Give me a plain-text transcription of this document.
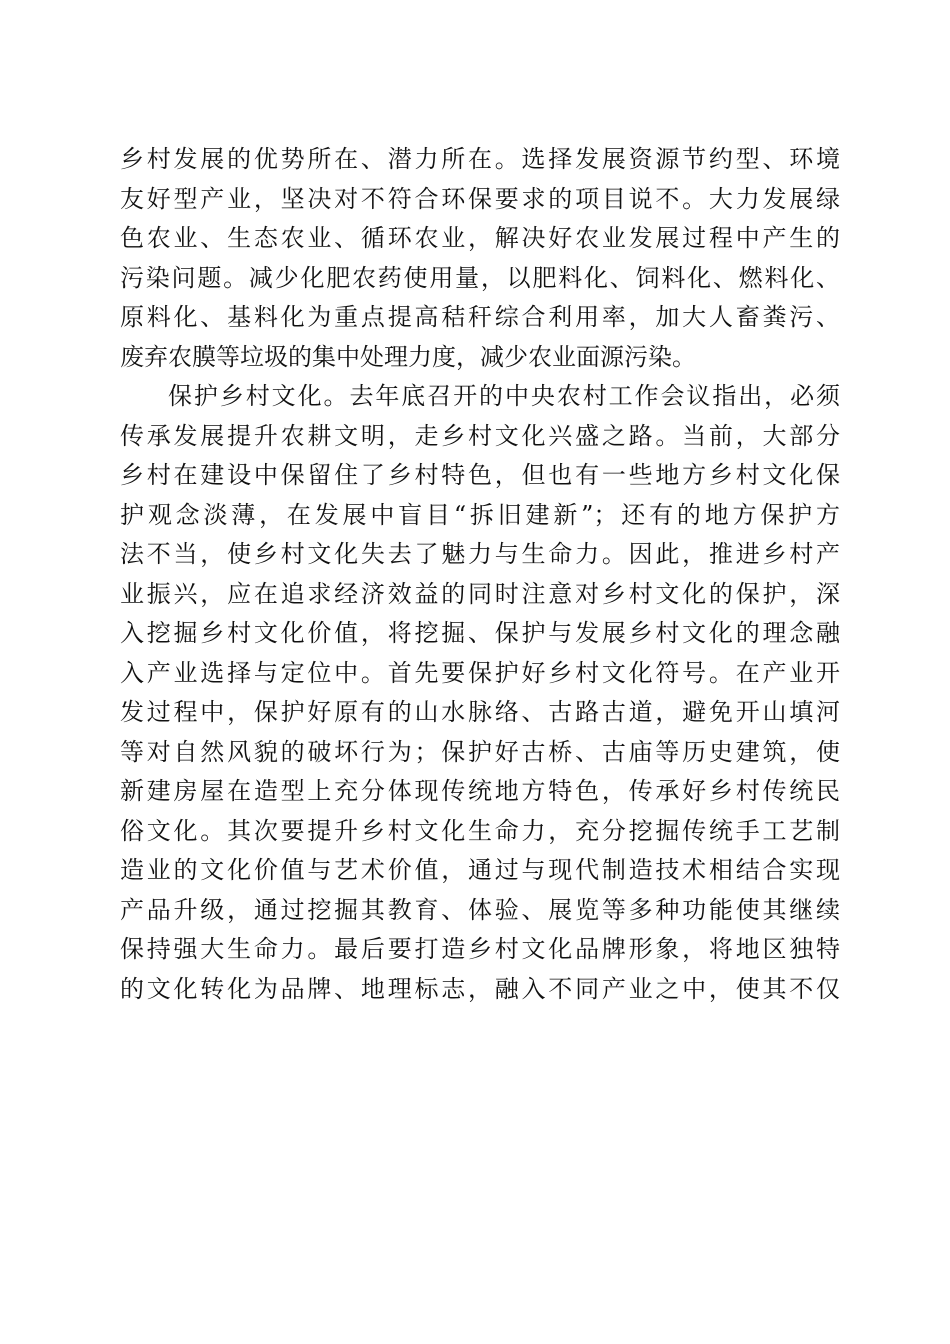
乡村发展的优势所在、潜力所在。选择发展资源节约型、环境
友好型产业，坚决对不符合环保要求的项目说不。大力发展绿
色农业、生态农业、循环农业，解决好农业发展过程中产生的
污染问题。减少化肥农药使用量，以肥料化、饲料化、燃料化、
原料化、基料化为重点提高秸秆综合利用率，加大人畜粪污、
废弃农膜等垃圾的集中处理力度，减少农业面源污染。
保护乡村文化。去年底召开的中央农村工作会议指出，必须
传承发展提升农耕文明，走乡村文化兴盛之路。当前，大部分
乡村在建设中保留住了乡村特色，但也有一些地方乡村文化保
护观念淡薄，在发展中盲目“拆旧建新”；还有的地方保护方
法不当，使乡村文化失去了魅力与生命力。因此，推进乡村产
业振兴，应在追求经济效益的同时注意对乡村文化的保护，深
入挖掘乡村文化价值，将挖掘、保护与发展乡村文化的理念融
入产业选择与定位中。首先要保护好乡村文化符号。在产业开
发过程中，保护好原有的山水脉络、古路古道，避免开山填河
等对自然风貌的破坏行为；保护好古桥、古庙等历史建筑，使
新建房屋在造型上充分体现传统地方特色，传承好乡村传统民
俗文化。其次要提升乡村文化生命力，充分挖掘传统手工艺制
造业的文化价值与艺术价值，通过与现代制造技术相结合实现
产品升级，通过挖掘其教育、体验、展览等多种功能使其继续
保持强大生命力。最后要打造乡村文化品牌形象，将地区独特
的文化转化为品牌、地理标志，融入不同产业之中，使其不仅
